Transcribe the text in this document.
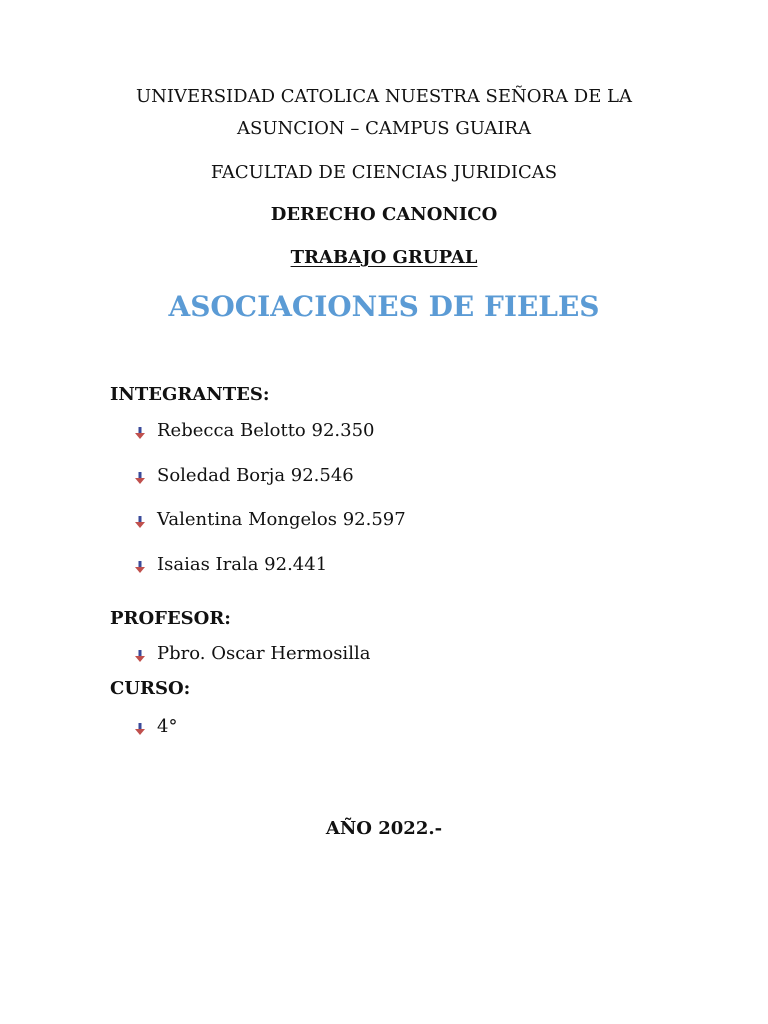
UNIVERSIDAD CATOLICA NUESTRA SEÑORA DE LA
ASUNCION – CAMPUS GUAIRA
FACULTAD DE CIENCIAS JURIDICAS
DERECHO CANONICO
TRABAJO GRUPAL
ASOCIACIONES DE FIELES
INTEGRANTES:
Rebecca Belotto 92.350
Soledad Borja 92.546
Valentina Mongelos 92.597
Isaias Irala 92.441
PROFESOR:
Pbro. Oscar Hermosilla
CURSO:
4°
AÑO 2022.-
